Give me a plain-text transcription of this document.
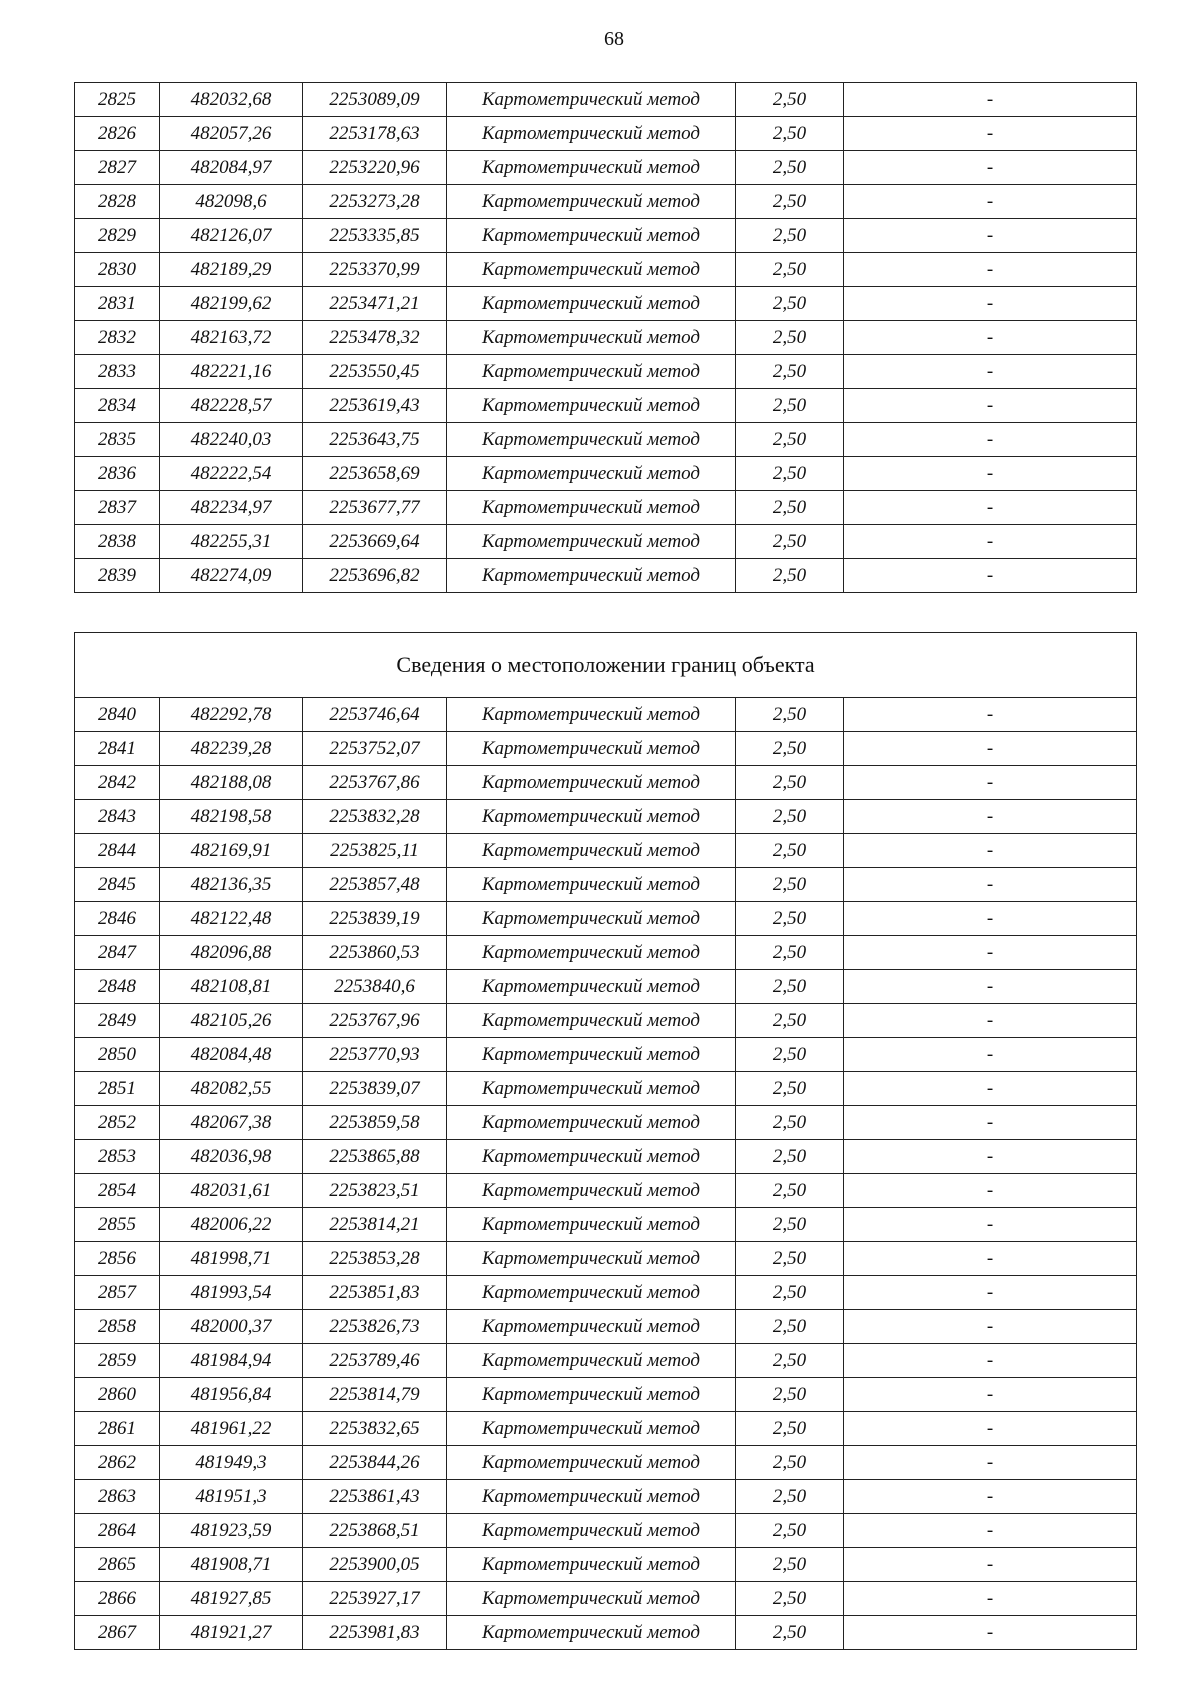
68
2825	482032,68	2253089,09	Картометрический метод	2,50	-
2826	482057,26	2253178,63	Картометрический метод	2,50	-
2827	482084,97	2253220,96	Картометрический метод	2,50	-
2828	482098,6	2253273,28	Картометрический метод	2,50	-
2829	482126,07	2253335,85	Картометрический метод	2,50	-
2830	482189,29	2253370,99	Картометрический метод	2,50	-
2831	482199,62	2253471,21	Картометрический метод	2,50	-
2832	482163,72	2253478,32	Картометрический метод	2,50	-
2833	482221,16	2253550,45	Картометрический метод	2,50	-
2834	482228,57	2253619,43	Картометрический метод	2,50	-
2835	482240,03	2253643,75	Картометрический метод	2,50	-
2836	482222,54	2253658,69	Картометрический метод	2,50	-
2837	482234,97	2253677,77	Картометрический метод	2,50	-
2838	482255,31	2253669,64	Картометрический метод	2,50	-
2839	482274,09	2253696,82	Картометрический метод	2,50	-
Сведения о местоположении границ объекта					
2840	482292,78	2253746,64	Картометрический метод	2,50	-
2841	482239,28	2253752,07	Картометрический метод	2,50	-
2842	482188,08	2253767,86	Картометрический метод	2,50	-
2843	482198,58	2253832,28	Картометрический метод	2,50	-
2844	482169,91	2253825,11	Картометрический метод	2,50	-
2845	482136,35	2253857,48	Картометрический метод	2,50	-
2846	482122,48	2253839,19	Картометрический метод	2,50	-
2847	482096,88	2253860,53	Картометрический метод	2,50	-
2848	482108,81	2253840,6	Картометрический метод	2,50	-
2849	482105,26	2253767,96	Картометрический метод	2,50	-
2850	482084,48	2253770,93	Картометрический метод	2,50	-
2851	482082,55	2253839,07	Картометрический метод	2,50	-
2852	482067,38	2253859,58	Картометрический метод	2,50	-
2853	482036,98	2253865,88	Картометрический метод	2,50	-
2854	482031,61	2253823,51	Картометрический метод	2,50	-
2855	482006,22	2253814,21	Картометрический метод	2,50	-
2856	481998,71	2253853,28	Картометрический метод	2,50	-
2857	481993,54	2253851,83	Картометрический метод	2,50	-
2858	482000,37	2253826,73	Картометрический метод	2,50	-
2859	481984,94	2253789,46	Картометрический метод	2,50	-
2860	481956,84	2253814,79	Картометрический метод	2,50	-
2861	481961,22	2253832,65	Картометрический метод	2,50	-
2862	481949,3	2253844,26	Картометрический метод	2,50	-
2863	481951,3	2253861,43	Картометрический метод	2,50	-
2864	481923,59	2253868,51	Картометрический метод	2,50	-
2865	481908,71	2253900,05	Картометрический метод	2,50	-
2866	481927,85	2253927,17	Картометрический метод	2,50	-
2867	481921,27	2253981,83	Картометрический метод	2,50	-
